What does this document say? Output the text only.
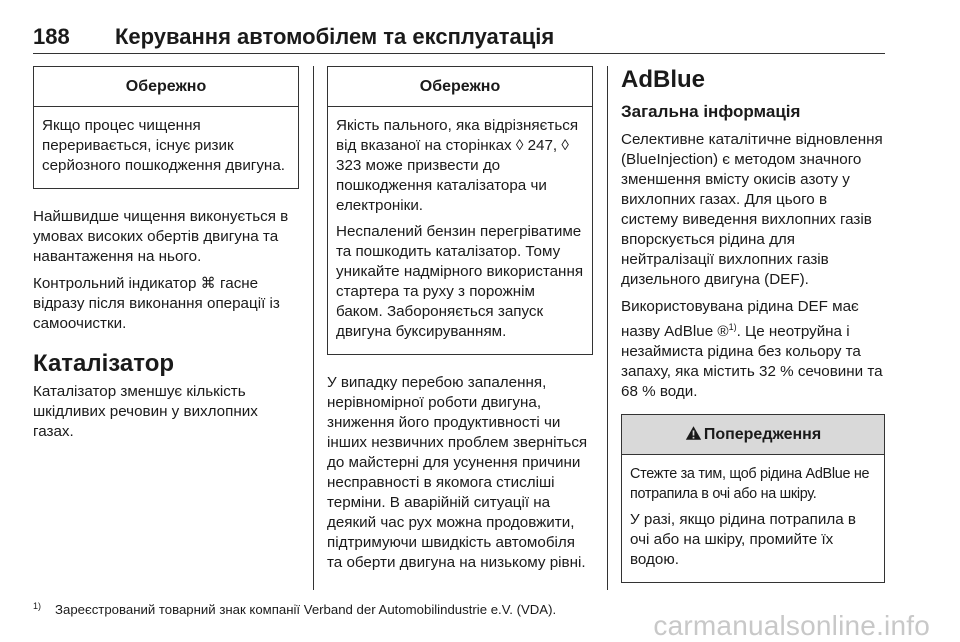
188 Керування автомобілем та експлуатація
Обережно
Якщо процес чищення переривається, існує ризик серйозного пошкодження двигуна.
Найшвидше чищення виконується в умовах високих обертів двигуна та навантаження на нього.
Контрольний індикатор ⌘ гасне відразу після виконання операції із самоочистки.
Каталізатор
Каталізатор зменшує кількість шкідливих речовин у вихлопних газах.
Обережно
Якість пального, яка відрізняється від вказаної на сторінках ◊ 247, ◊ 323 може призвести до пошкодження каталізатора чи електроніки.
Неспалений бензин перегріватиме та пошкодить каталізатор. Тому уникайте надмірного використання стартера та руху з порожнім баком. Забороняється запуск двигуна буксируванням.
У випадку перебою запалення, нерівномірної роботи двигуна, зниження його продуктивності чи інших незвичних проблем зверніться до майстерні для усунення причини несправності в якомога стисліші терміни. В аварійній ситуації на деякий час рух можна продовжити, підтримуючи швидкість автомобіля та оберти двигуна на низькому рівні.
AdBlue
Загальна інформація
Селективне каталітичне відновлення (BlueInjection) є методом значного зменшення вмісту окисів азоту у вихлопних газах. Для цього в систему виведення вихлопних газів впорскується рідина для нейтралізації вихлопних газів дизельного двигуна (DEF).
Використовувана рідина DEF має назву AdBlue ®$^{1)}$. Це неотруйна і незаймиста рідина без кольору та запаху, яка містить 32 % сечовини та 68 % води.
Попередження
Стежте за тим, щоб рідина AdBlue не потрапила в очі або на шкіру.
У разі, якщо рідина потрапила в очі або на шкіру, промийте їх водою.
$^{1)}$ Зареєстрований товарний знак компанії Verband der Automobilindustrie e.V. (VDA).
carmanualsonline.info
